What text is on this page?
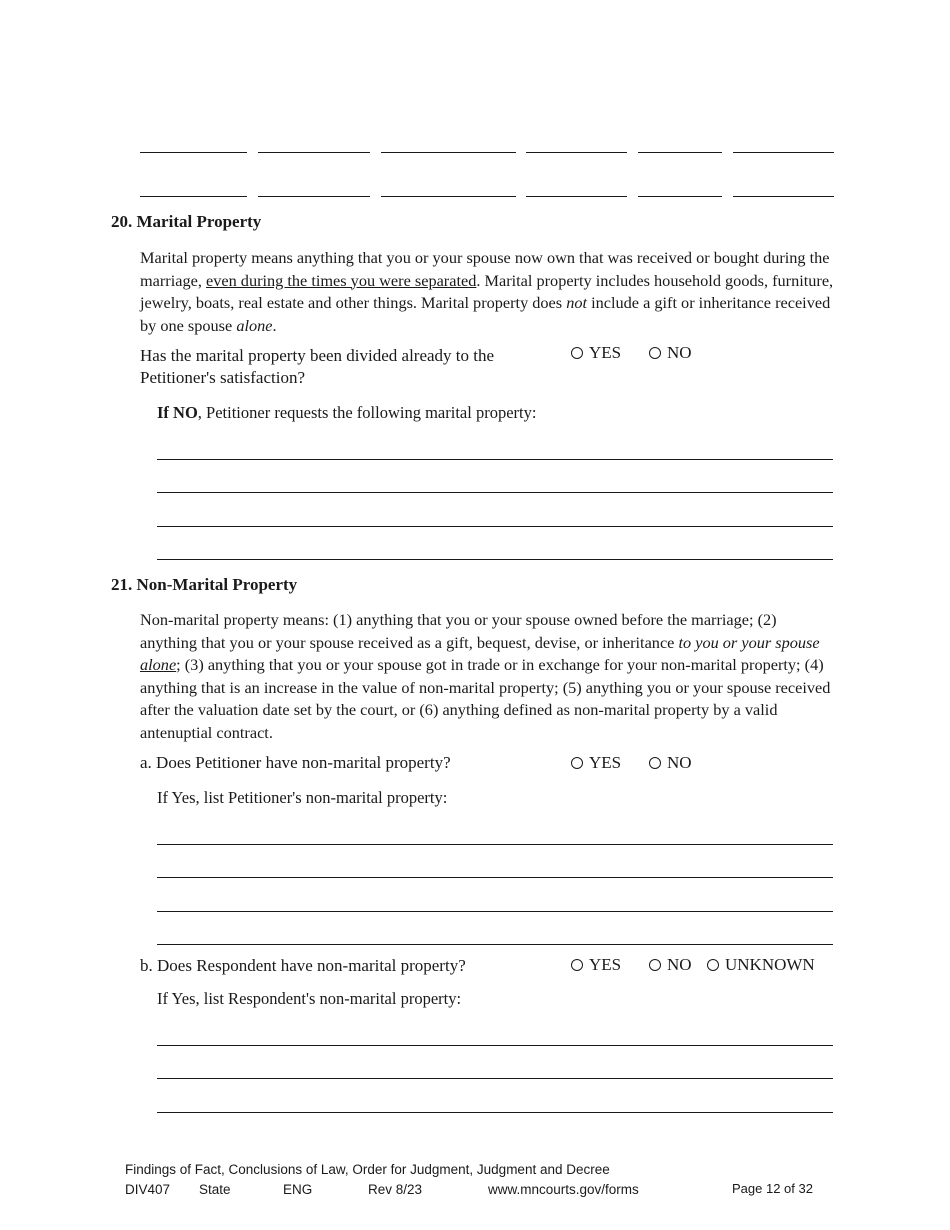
20. Marital Property
Marital property means anything that you or your spouse now own that was received or bought during the marriage, even during the times you were separated. Marital property includes household goods, furniture, jewelry, boats, real estate and other things. Marital property does not include a gift or inheritance received by one spouse alone.
Has the marital property been divided already to the
Petitioner's satisfaction?
YES	NO
If NO, Petitioner requests the following marital property:
21. Non-Marital Property
Non-marital property means: (1) anything that you or your spouse owned before the marriage; (2) anything that you or your spouse received as a gift, bequest, devise, or inheritance to you or your spouse alone; (3) anything that you or your spouse got in trade or in exchange for your non-marital property; (4) anything that is an increase in the value of non-marital property; (5) anything you or your spouse received after the valuation date set by the court, or (6) anything defined as non-marital property by a valid antenuptial contract.
a. Does Petitioner have non-marital property?	YES	NO
If Yes, list Petitioner's non-marital property:
b. Does Respondent have non-marital property?	YES	NO	UNKNOWN
If Yes, list Respondent's non-marital property:
Findings of Fact, Conclusions of Law, Order for Judgment, Judgment and Decree
DIV407 State	ENG	Rev 8/23	www.mncourts.gov/forms	Page 12 of 32
